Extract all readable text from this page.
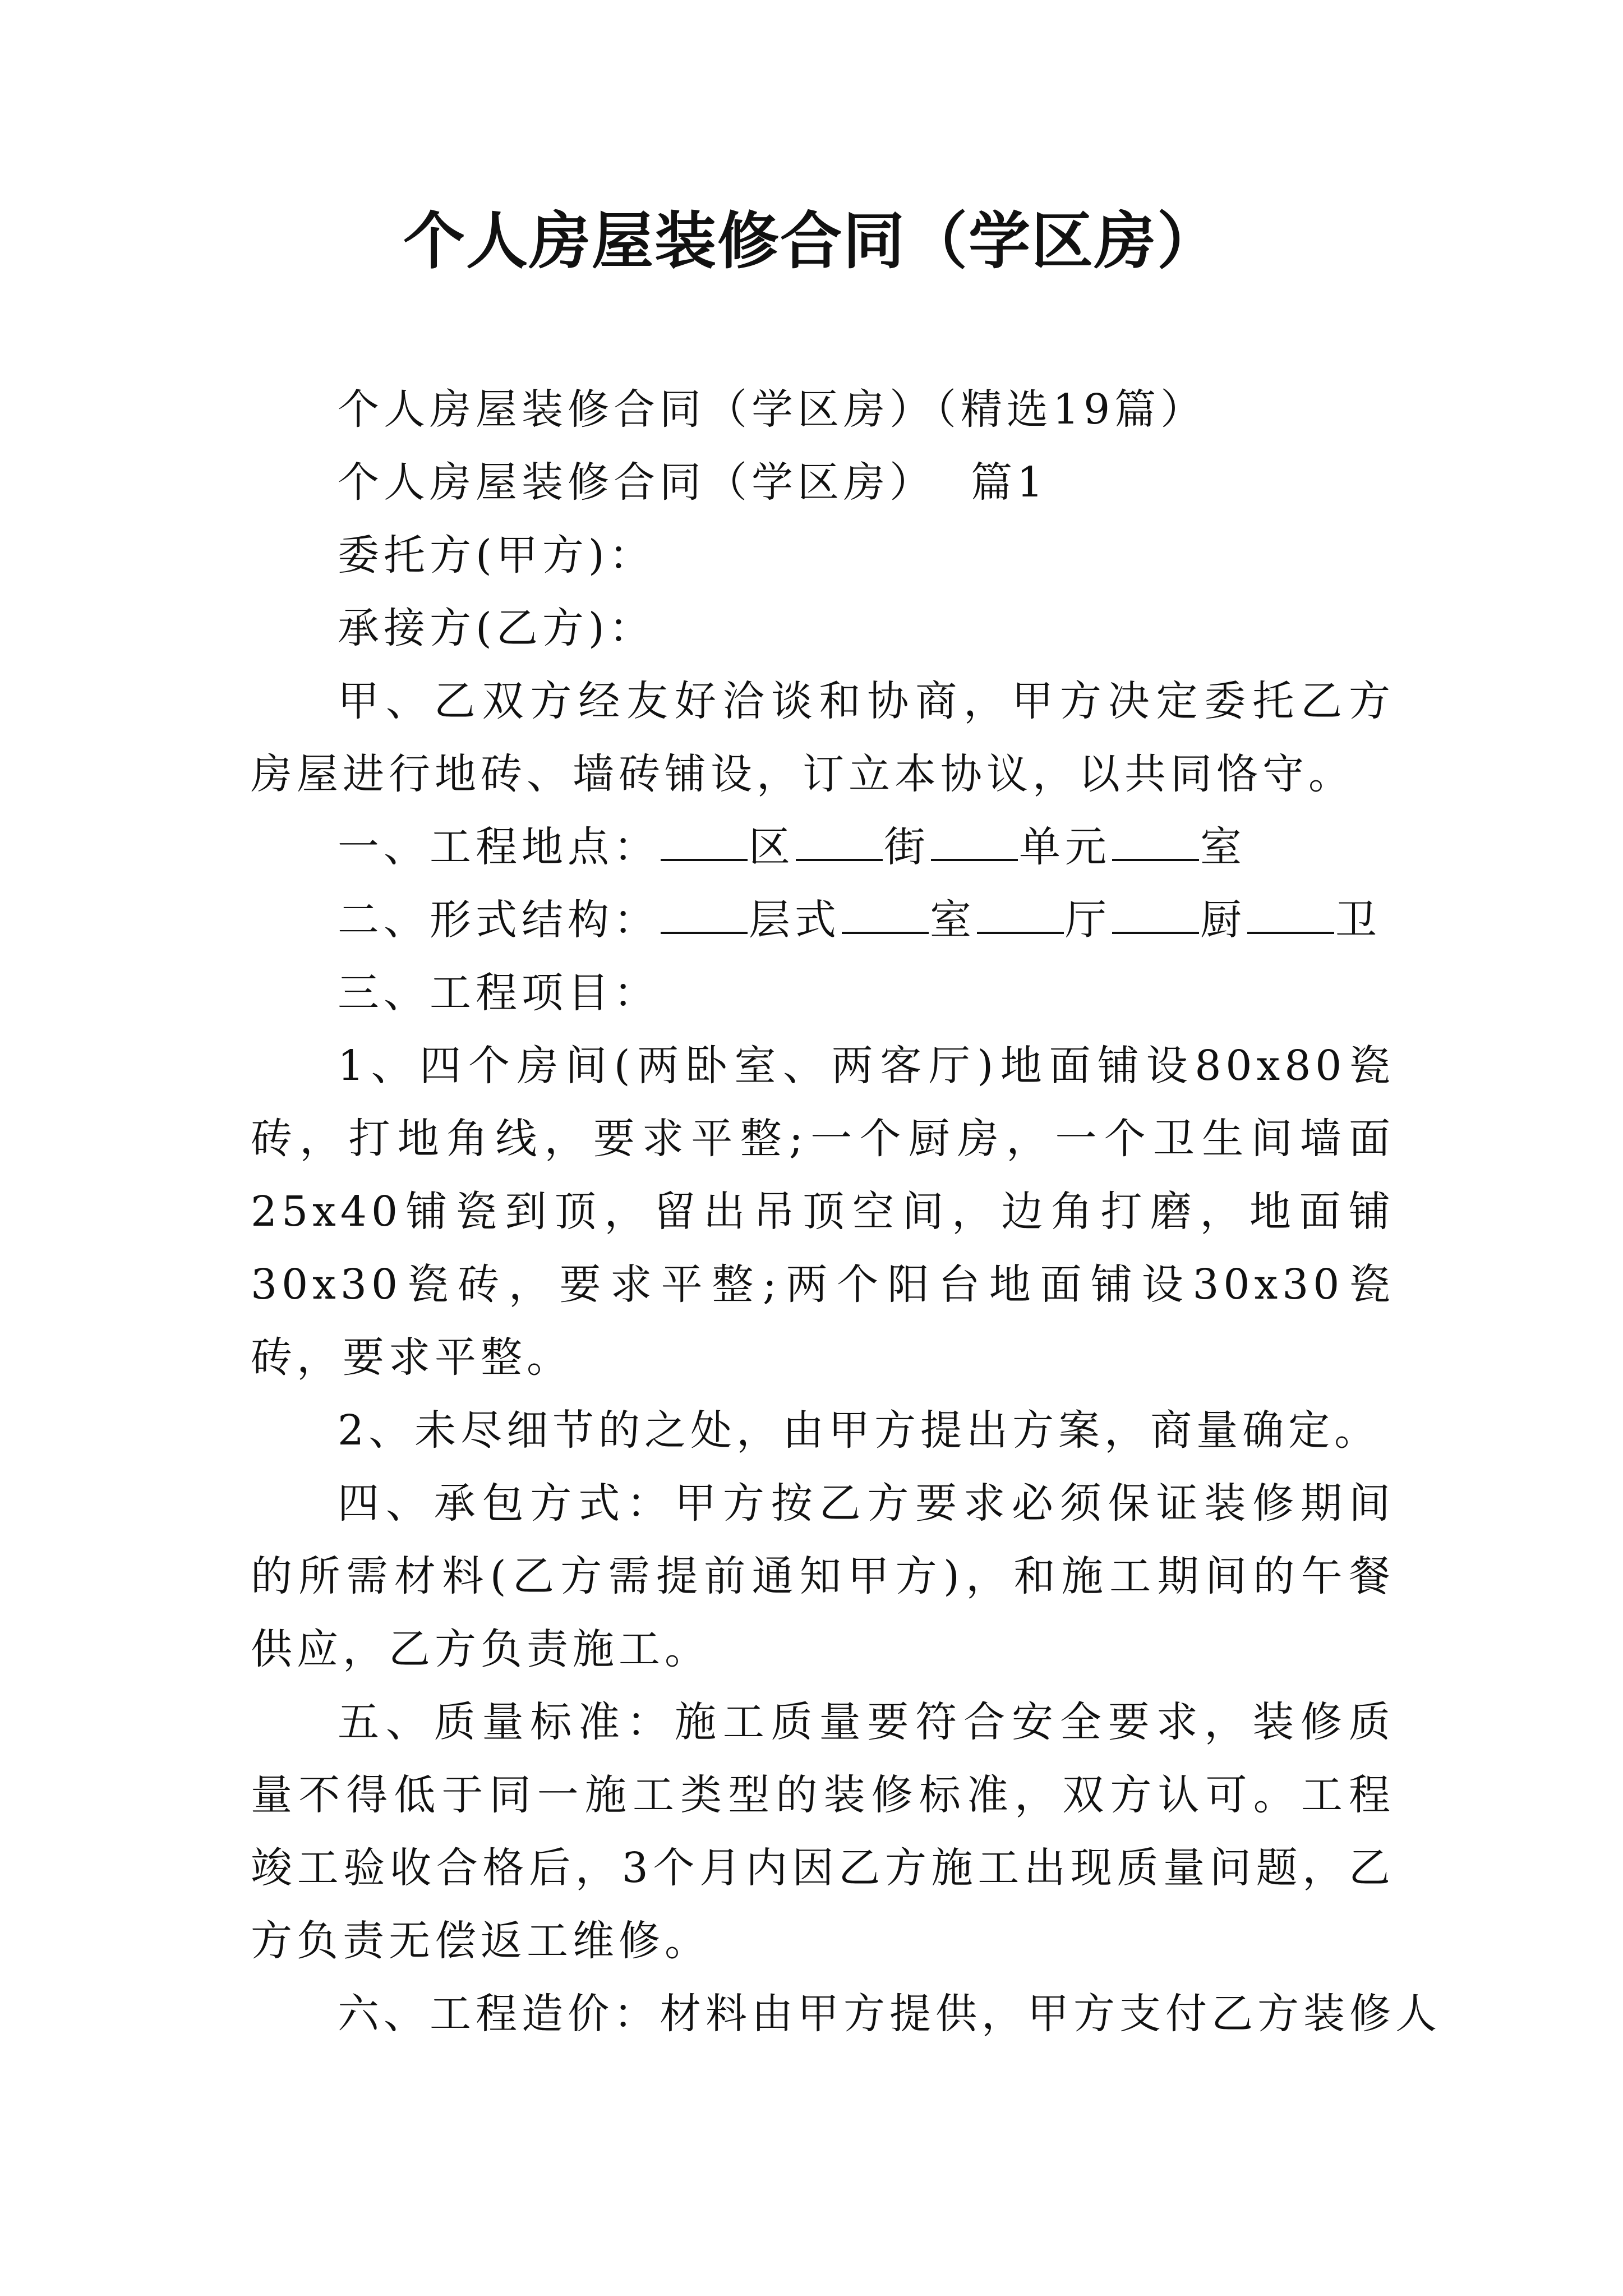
个人房屋装修合同（学区房）

个人房屋装修合同（学区房）（精选19篇）

个人房屋装修合同（学区房）  篇1

委托方(甲方)：

承接方(乙方)：

甲、乙双方经友好洽谈和协商，甲方决定委托乙方房屋进行地砖、墙砖铺设，订立本协议，以共同恪守。

一、工程地点： 区 街 单元 室

二、形式结构： 层式 室 厅 厨 卫

三、工程项目：

1、四个房间(两卧室、两客厅)地面铺设80x80瓷砖，打地角线，要求平整;一个厨房，一个卫生间墙面25x40铺瓷到顶，留出吊顶空间，边角打磨，地面铺30x30瓷砖，要求平整;两个阳台地面铺设30x30瓷砖，要求平整。

2、未尽细节的之处，由甲方提出方案，商量确定。

四、承包方式：甲方按乙方要求必须保证装修期间的所需材料(乙方需提前通知甲方)，和施工期间的午餐供应，乙方负责施工。

五、质量标准：施工质量要符合安全要求，装修质量不得低于同一施工类型的装修标准，双方认可。工程竣工验收合格后，3个月内因乙方施工出现质量问题，乙方负责无偿返工维修。

六、工程造价：材料由甲方提供，甲方支付乙方装修人
